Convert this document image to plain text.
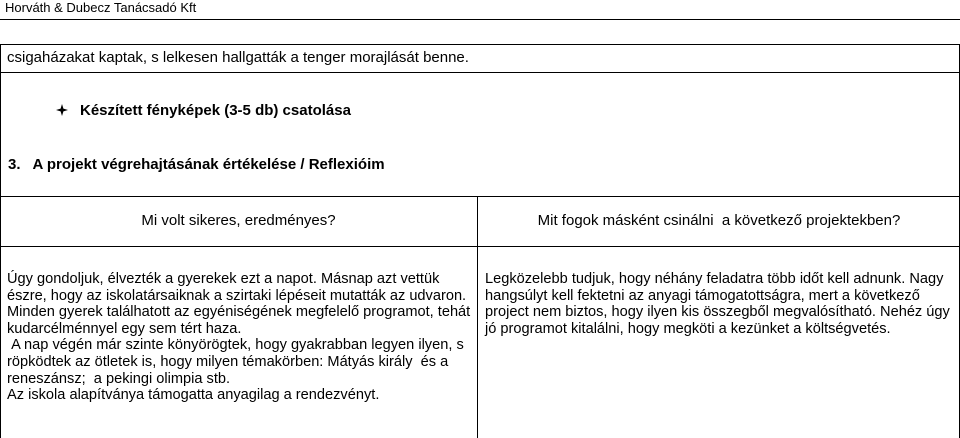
Horváth & Dubecz Tanácsadó Kft
csigaházakat kaptak, s lelkesen hallgatták a tenger morajlását benne.
Készített fényképek (3-5 db) csatolása
3.   A projekt végrehajtásának értékelése / Reflexióim
Mi volt sikeres, eredményes?	Mit fogok másként csinálni  a következő projektekben?

Úgy gondoljuk, élvezték a gyerekek ezt a napot. Másnap azt vettük észre, hogy az iskolatársaiknak a szirtaki lépéseit mutatták az udvaron.

Minden gyerek találhatott az egyéniségének megfelelő programot, tehát kudarcélménnyel egy sem tért haza.

A nap végén már szinte könyörögtek, hogy gyakrabban legyen ilyen, s röpködtek az ötletek is, hogy milyen témakörben: Mátyás király  és a reneszánsz;  a pekingi olimpia stb.

Az iskola alapítványa támogatta anyagilag a rendezvényt.

Legközelebb tudjuk, hogy néhány feladatra több időt kell adnunk. Nagy hangsúlyt kell fektetni az anyagi támogatottságra, mert a következő project nem biztos, hogy ilyen kis összegből megvalósítható. Nehéz úgy jó programot kitalálni, hogy megköti a kezünket a költségvetés.
